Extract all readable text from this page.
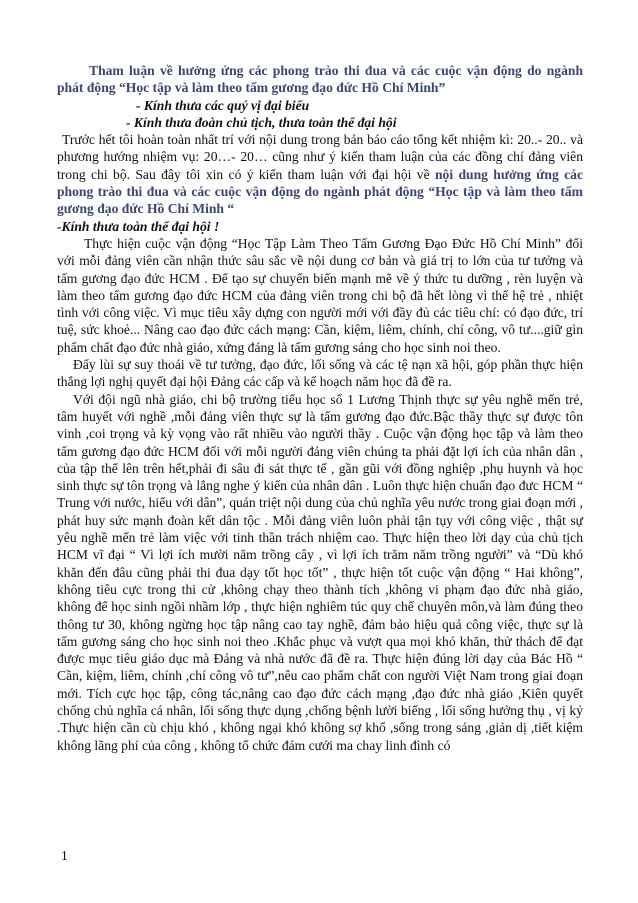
Tham luận về hưởng ứng các phong trào thi đua và các cuộc vận động do ngành phát động “Học tập và làm theo tấm gương đạo đức Hồ Chí Minh”

- Kính thưa các quý vị đại biểu

- Kính thưa đoàn chủ tịch, thưa toàn thể đại hội

Trước hết tôi hoàn toàn nhất trí với nội dung trong bản báo cáo tổng kết nhiệm kì: 20..- 20.. và phương hướng nhiệm vụ: 20…- 20… cũng như ý kiến tham luận của các đồng chí đảng viên trong chi bộ. Sau đây tôi xin có ý kiến tham luận với đại hội về nội dung hưởng ứng các phong trào thi đua và các cuộc vận động do ngành phát động “Học tập và làm theo tấm gương đạo đức Hồ Chí Minh “

-Kính thưa toàn thể đại hội !

Thực hiện cuộc vận động “Học Tập Làm Theo Tấm Gương Đạo Đức Hồ Chí Minh” đối với mỗi đảng viên cần nhận thức sâu sắc về nội dung cơ bản và giá trị to lớn của tư tưởng và tấm gương đạo đức HCM . Để tạo sự chuyển biến mạnh mẽ về ý thức tu dưỡng , rèn luyện và làm theo tấm gương đạo đức HCM của đảng viên trong chi bộ đã hết lòng vì thế hệ trẻ , nhiệt tình với công việc. Vì mục tiêu xây dựng con người mới với đầy đủ các tiêu chí: có đạo đức, trí tuệ, sức khoẻ... Nâng cao đạo đức cách mạng: Cần, kiệm, liêm, chính, chí công, vô tư....giữ gìn phẩm chất đạo đức nhà giáo, xứng đáng là tấm gương sáng cho học sinh noi theo.

Đẩy lùi sự suy thoái về tư tưởng, đạo đức, lối sống và các tệ nạn xã hội, góp phần thực hiện thắng lợi nghị quyết đại hội Đảng các cấp và kế hoạch năm học đã đề ra.

Với đội ngũ nhà giáo, chi bộ trường tiểu học số 1 Lương Thịnh thực sự yêu nghề mến trẻ, tâm huyết với nghề ,mỗi đảng viên thực sự là tấm gương đạo đức.Bậc thầy thực sự được tôn vinh ,coi trọng và kỳ vọng vào rất nhiều vào người thầy . Cuộc vận động học tập và làm theo tấm gương đạo đức HCM đối với mỗi người đảng viên chúng ta phải đặt lợi ích của nhân dân , của tập thể lên trên hết,phải đi sâu đi sát thực tế , gần gũi với đồng nghiệp ,phụ huynh và học sinh thực sự tôn trọng và lắng nghe ý kiến của nhân dân . Luôn thực hiện chuẩn đạo đưc HCM “ Trung với nước, hiếu với dân”, quán triệt nội dung của chủ nghĩa yêu nước trong giai đoạn mới , phát huy sức mạnh đoàn kết dân tộc . Mỗi đảng viên luôn phải tận tụy với công việc , thật sự yêu nghề mến trẻ làm việc với tinh thần trách nhiệm cao. Thực hiện theo lời dạy của chủ tịch HCM vĩ đại “ Vì lợi ích mười năm trồng cây , vì lợi ích trăm năm trồng người” và “Dù khó khăn đến đâu cũng phải thi đua dạy tốt học tốt” , thực hiện tốt cuộc vận động “ Hai không”, không tiêu cực trong thi cử ,không chạy theo thành tích ,không vi phạm đạo đức nhà giáo, không để học sinh ngồi nhầm lớp , thực hiện nghiêm túc quy chế chuyên môn,và làm đúng theo thông tư 30, không ngừng học tập nâng cao tay nghề, đảm bảo hiệu quả công việc, thực sự là tấm gương sáng cho học sinh noi theo .Khắc phục và vượt qua mọi khó khăn, thử thách để đạt được mục tiêu giáo dục mà Đảng và nhà nước đã đề ra. Thực hiện đúng lời dạy của Bác Hồ “ Cần, kiệm, liêm, chính ,chí công vô tư”,nêu cao phẩm chất con người Việt Nam trong giai đoạn mới. Tích cực học tập, công tác,nâng cao đạo đức cách mạng ,đạo đức nhà giáo ,Kiên quyết chống chủ nghĩa cá nhân, lối sống thực dụng ,chống bệnh lười biếng , lối sống hưởng thụ , vị kỷ .Thực hiện cần cù chịu khó , không ngại khó không sợ khổ ,sống trong sáng ,giản dị ,tiết kiệm không lãng phí của công , không tổ chức đám cưới ma chay linh đình có

1
